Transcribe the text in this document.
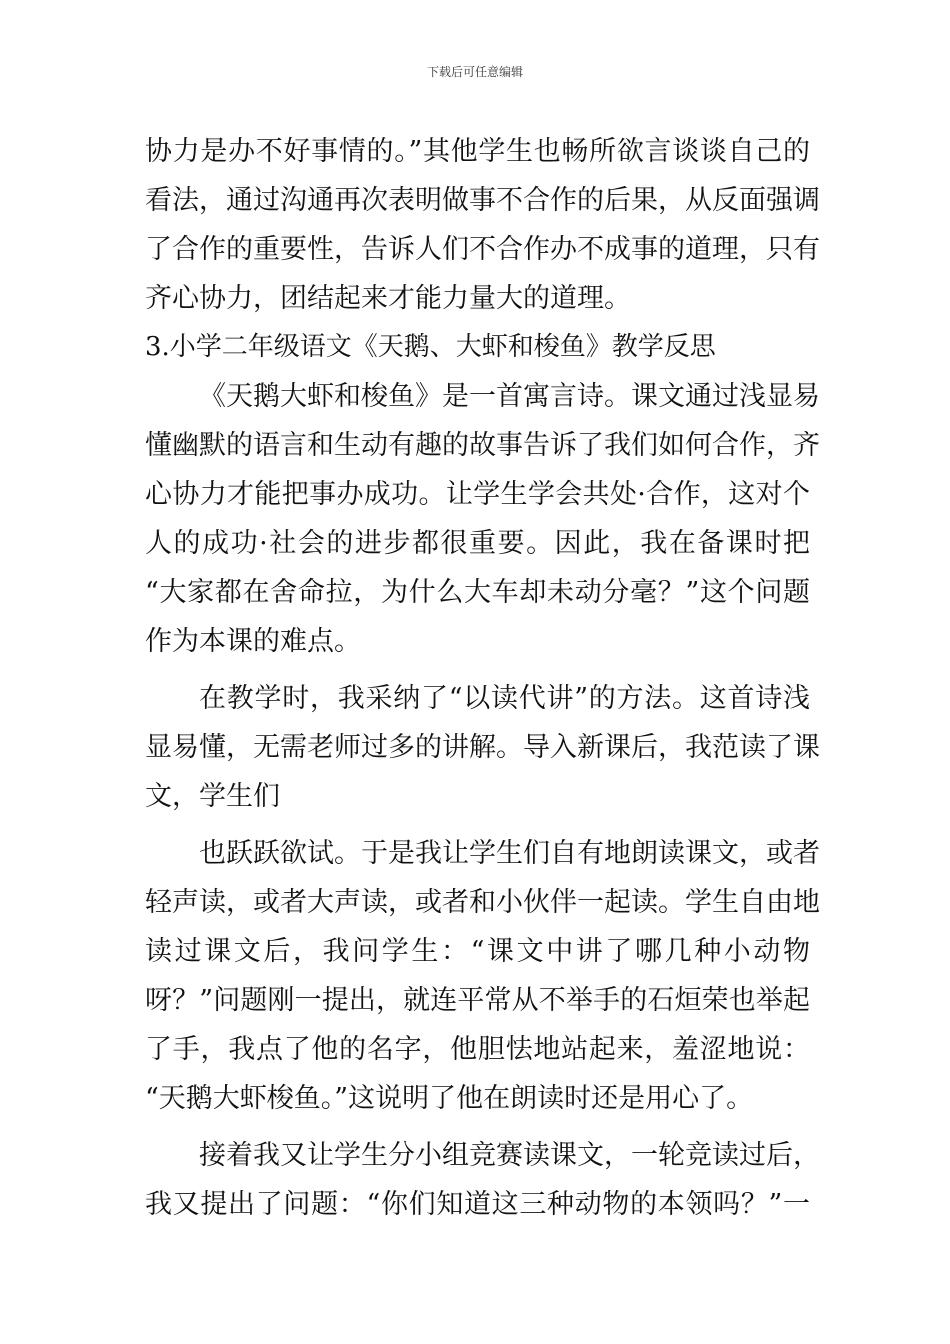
下载后可任意编辑
协力是办不好事情的。”其他学生也畅所欲言谈谈自己的
看法，通过沟通再次表明做事不合作的后果，从反面强调
了合作的重要性，告诉人们不合作办不成事的道理，只有
齐心协力，团结起来才能力量大的道理。
3.小学二年级语文《天鹅、大虾和梭鱼》教学反思
《天鹅大虾和梭鱼》是一首寓言诗。课文通过浅显易
懂幽默的语言和生动有趣的故事告诉了我们如何合作，齐
心协力才能把事办成功。让学生学会共处·合作，这对个
人的成功·社会的进步都很重要。因此，我在备课时把
“大家都在舍命拉，为什么大车却未动分毫？”这个问题
作为本课的难点。
在教学时，我采纳了“以读代讲”的方法。这首诗浅
显易懂，无需老师过多的讲解。导入新课后，我范读了课
文，学生们
也跃跃欲试。于是我让学生们自有地朗读课文，或者
轻声读，或者大声读，或者和小伙伴一起读。学生自由地
读过课文后，我问学生：“课文中讲了哪几种小动物
呀？”问题刚一提出，就连平常从不举手的石烜荣也举起
了手，我点了他的名字，他胆怯地站起来，羞涩地说：
“天鹅大虾梭鱼。”这说明了他在朗读时还是用心了。
接着我又让学生分小组竞赛读课文，一轮竞读过后，
我又提出了问题：“你们知道这三种动物的本领吗？”一
